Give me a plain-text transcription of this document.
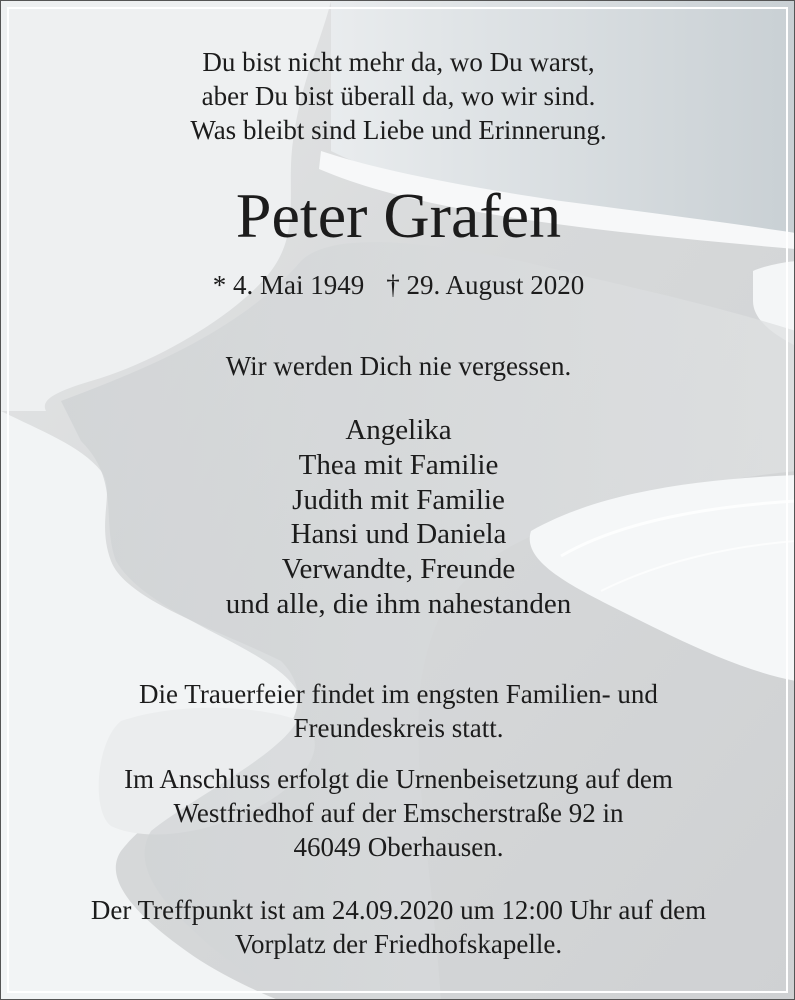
Du bist nicht mehr da, wo Du warst,
aber Du bist überall da, wo wir sind.
Was bleibt sind Liebe und Erinnerung.
Peter Grafen
* 4. Mai 1949 † 29. August 2020
Wir werden Dich nie vergessen.
Angelika
Thea mit Familie
Judith mit Familie
Hansi und Daniela
Verwandte, Freunde
und alle, die ihm nahestanden
Die Trauerfeier findet im engsten Familien- und
Freundeskreis statt.
Im Anschluss erfolgt die Urnenbeisetzung auf dem
Westfriedhof auf der Emscherstraße 92 in
46049 Oberhausen.
Der Treffpunkt ist am 24.09.2020 um 12:00 Uhr auf dem
Vorplatz der Friedhofskapelle.
